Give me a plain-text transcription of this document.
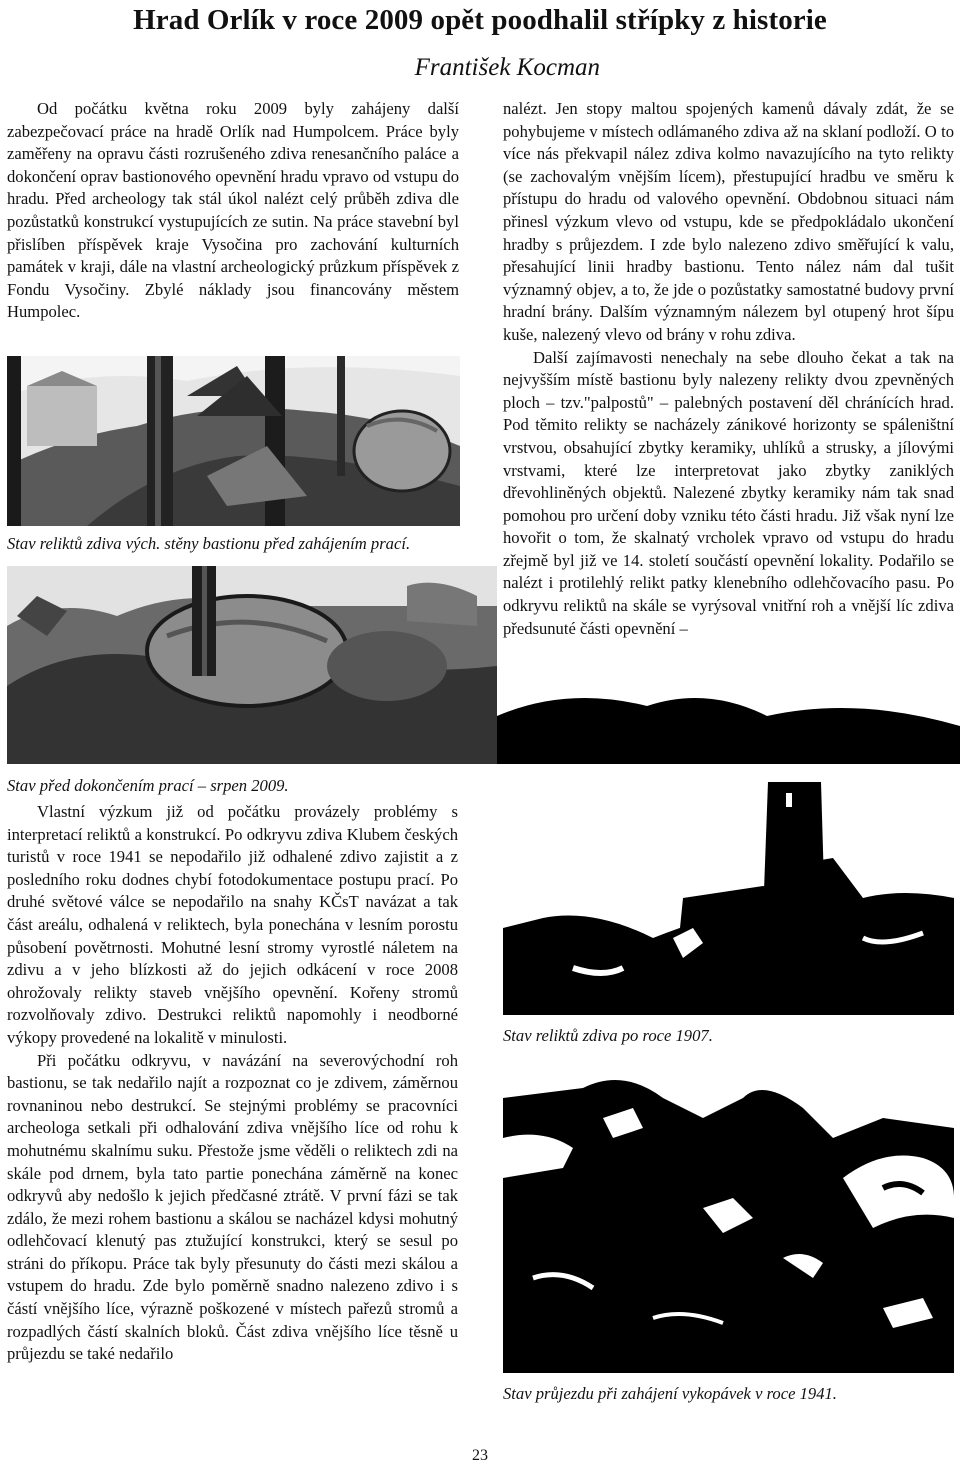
Hrad Orlík v roce 2009 opět poodhalil střípky z historie
František Kocman

Od počátku května roku 2009 byly zahájeny další zabezpečovací práce na hradě Orlík nad Humpolcem. Práce byly zaměřeny na opravu části rozrušeného zdiva renesančního paláce a dokončení oprav bastionového opevnění hradu vpravo od vstupu do hradu. Před archeology tak stál úkol nalézt celý průběh zdiva dle pozůstatků konstrukcí vystupujících ze sutin. Na práce stavební byl přislíben příspěvek kraje Vysočina pro zachování kulturních památek v kraji, dále na vlastní archeologický průzkum příspěvek z Fondu Vysočiny. Zbylé náklady jsou financovány městem Humpolec.

Stav reliktů zdiva vých. stěny bastionu před zahájením prací.

nalézt. Jen stopy maltou spojených kamenů dávaly zdát, že se pohybujeme v místech odlámaného zdiva až na sklaní podloží. O to více nás překvapil nález zdiva kolmo navazujícího na tyto relikty (se zachovalým vnějším lícem), přestupující hradbu ve směru k přístupu do hradu od valového opevnění. Obdobnou situaci nám přinesl výzkum vlevo od vstupu, kde se předpokládalo ukončení hradby s průjezdem. I zde bylo nalezeno zdivo směřující k valu, přesahující linii hradby bastionu. Tento nález nám dal tušit významný objev, a to, že jde o pozůstatky samostatné budovy první hradní brány. Dalším významným nálezem byl otupený hrot šípu kuše, nalezený vlevo od brány v rohu zdiva.

Další zajímavosti nenechaly na sebe dlouho čekat a tak na nejvyšším místě bastionu byly nalezeny relikty dvou zpevněných ploch – tzv."palpostů" – palebných postavení děl chránících hrad. Pod těmito relikty se nacházely zánikové horizonty se spáleništní vrstvou, obsahující zbytky keramiky, uhlíků a strusky, a jílovými vrstvami, které lze interpretovat jako zbytky zaniklých dřevohliněných objektů. Nalezené zbytky keramiky nám tak snad pomohou pro určení doby vzniku této části hradu. Již však nyní lze hovořit o tom, že skalnatý vrcholek vpravo od vstupu do hradu zřejmě byl již ve 14. století součástí opevnění lokality. Podařilo se nalézt i protilehlý relikt patky klenebního odlehčovacího pasu. Po odkryvu reliktů na skále se vyrýsoval vnitřní roh a vnější líc zdiva předsunuté části opevnění –

Stav před dokončením prací – srpen 2009.

Vlastní výzkum již od počátku provázely problémy s interpretací reliktů a konstrukcí. Po odkryvu zdiva Klubem českých turistů v roce 1941 se nepodařilo již odhalené zdivo zajistit a z posledního roku dodnes chybí fotodokumentace postupu prací. Po druhé světové válce se nepodařilo na snahy KČsT navázat a tak část areálu, odhalená v reliktech, byla ponechána v lesním porostu působení povětrnosti. Mohutné lesní stromy vyrostlé náletem na zdivu a v jeho blízkosti až do jejich odkácení v roce 2008 ohrožovaly relikty staveb vnějšího opevnění. Kořeny stromů rozvolňovaly zdivo. Destrukci reliktů napomohly i neodborné výkopy provedené na lokalitě v minulosti.

Při počátku odkryvu, v navázání na severovýchodní roh bastionu, se tak nedařilo najít a rozpoznat co je zdivem, záměrnou rovnaninou nebo destrukcí. Se stejnými problémy se pracovníci archeologa setkali při odhalování zdiva vnějšího líce od rohu k mohutnému skalnímu suku. Přestože jsme věděli o reliktech zdi na skále pod drnem, byla tato partie ponechána záměrně na konec odkryvů aby nedošlo k jejich předčasné ztrátě. V první fázi se tak zdálo, že mezi rohem bastionu a skálou se nacházel kdysi mohutný odlehčovací klenutý pas ztužující konstrukci, který se sesul po stráni do příkopu. Práce tak byly přesunuty do části mezi skálou a vstupem do hradu. Zde bylo poměrně snadno nalezeno zdivo i s částí vnějšího líce, výrazně poškozené v místech pařezů stromů a rozpadlých částí skalních bloků. Část zdiva vnějšího líce těsně u průjezdu se také nedařilo

Stav reliktů zdiva po roce 1907.
Stav průjezdu při zahájení vykopávek v roce 1941.
23
